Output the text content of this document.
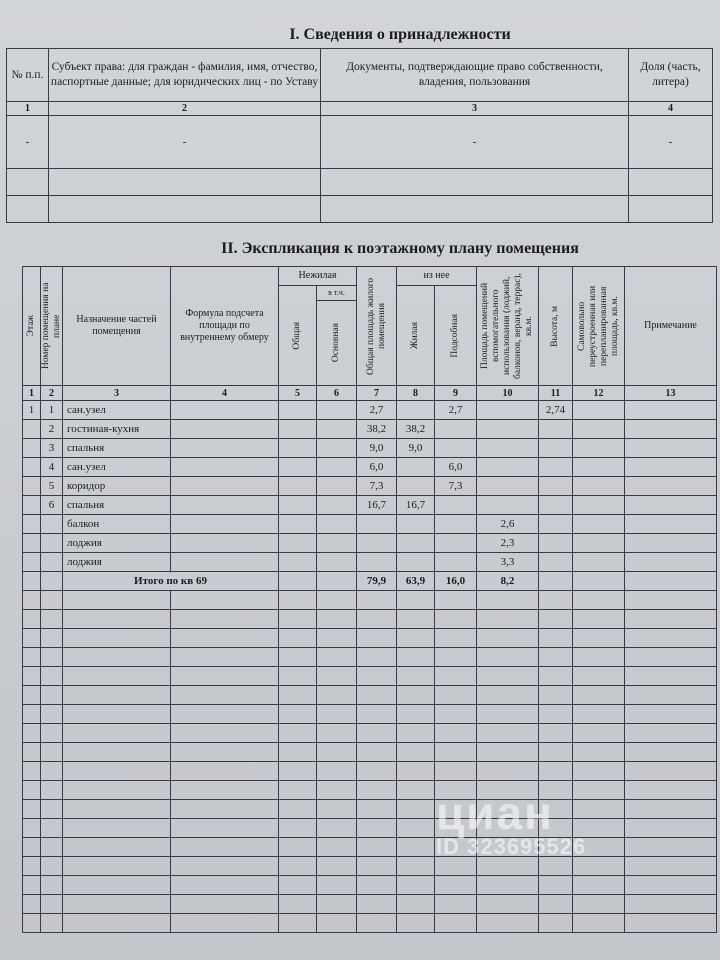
I. Сведения о принадлежности
№ п.п.	Субъект права: для граждан - фамилия, имя, отчество, паспортные данные; для юридических лиц - по Уставу	Документы, подтверждающие право собственности, владения, пользования	Доля (часть, литера)
1	2	3	4
-	-	-	-

II. Экспликация к поэтажному плану помещения
Этаж	Номер помещения на плане	Назначение частей помещения	Формула подсчета площади по внутреннему обмеру	Нежилая		Общая площадь жилого помещения	из нее		Площадь помещений вспомогательного использования (лоджий, балконов, веранд, террас), кв.м.	Высота, м	Самовольно переустроенная или перепланированная площадь, кв.м.	Примечание

				Общая	в т.ч.		Жилая	Подсобная				

					Основная							

1	2	3	4	5	6	7	8	9	10	11	12	13
1	1	сан.узел				2,7		2,7		2,74		
	2	гостиная-кухня				38,2	38,2					
	3	спальня				9,0	9,0					
	4	сан.узел				6,0		6,0				
	5	коридор				7,3		7,3				
	6	спальня				16,7	16,7					
		балкон							2,6			
		лоджия							2,3			
		лоджия							3,3			
		Итого по кв 69				79,9	63,9	16,0	8,2			

циан
ID 323695526
